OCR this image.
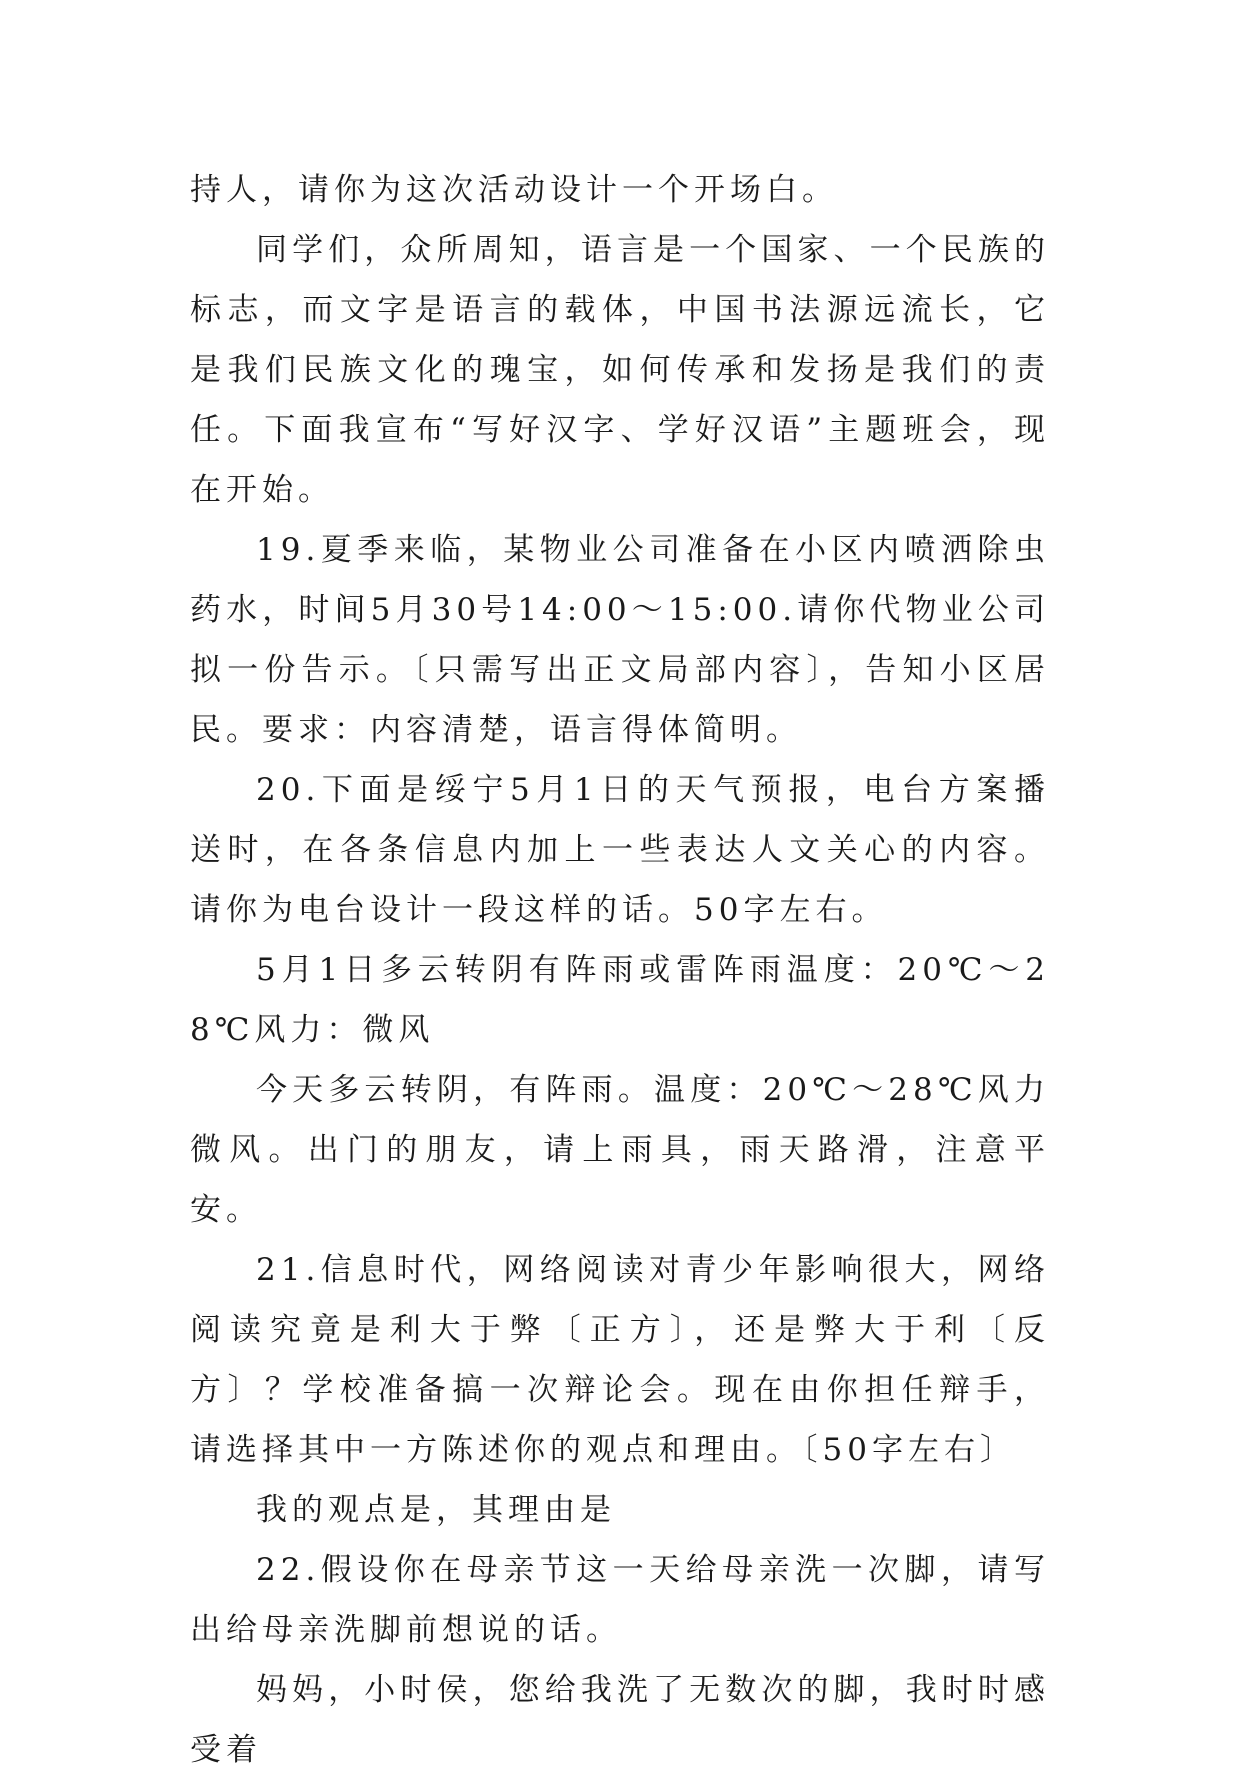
持人，请你为这次活动设计一个开场白。

同学们，众所周知，语言是一个国家、一个民族的标志，而文字是语言的载体，中国书法源远流长，它是我们民族文化的瑰宝，如何传承和发扬是我们的责任。下面我宣布“写好汉字、学好汉语”主题班会，现在开始。

19.夏季来临，某物业公司准备在小区内喷洒除虫药水，时间5月30号14:00～15:00.请你代物业公司拟一份告示。〔只需写出正文局部内容〕，告知小区居民。要求：内容清楚，语言得体简明。

20.下面是绥宁5月1日的天气预报，电台方案播送时，在各条信息内加上一些表达人文关心的内容。请你为电台设计一段这样的话。50字左右。

5月1日多云转阴有阵雨或雷阵雨温度：20℃～28℃风力：微风

今天多云转阴，有阵雨。温度：20℃～28℃风力微风。出门的朋友，请上雨具，雨天路滑，注意平安。

21.信息时代，网络阅读对青少年影响很大，网络阅读究竟是利大于弊〔正方〕，还是弊大于利〔反方〕？学校准备搞一次辩论会。现在由你担任辩手，请选择其中一方陈述你的观点和理由。〔50字左右〕

我的观点是，其理由是

22.假设你在母亲节这一天给母亲洗一次脚，请写出给母亲洗脚前想说的话。

妈妈，小时侯，您给我洗了无数次的脚，我时时感受着
